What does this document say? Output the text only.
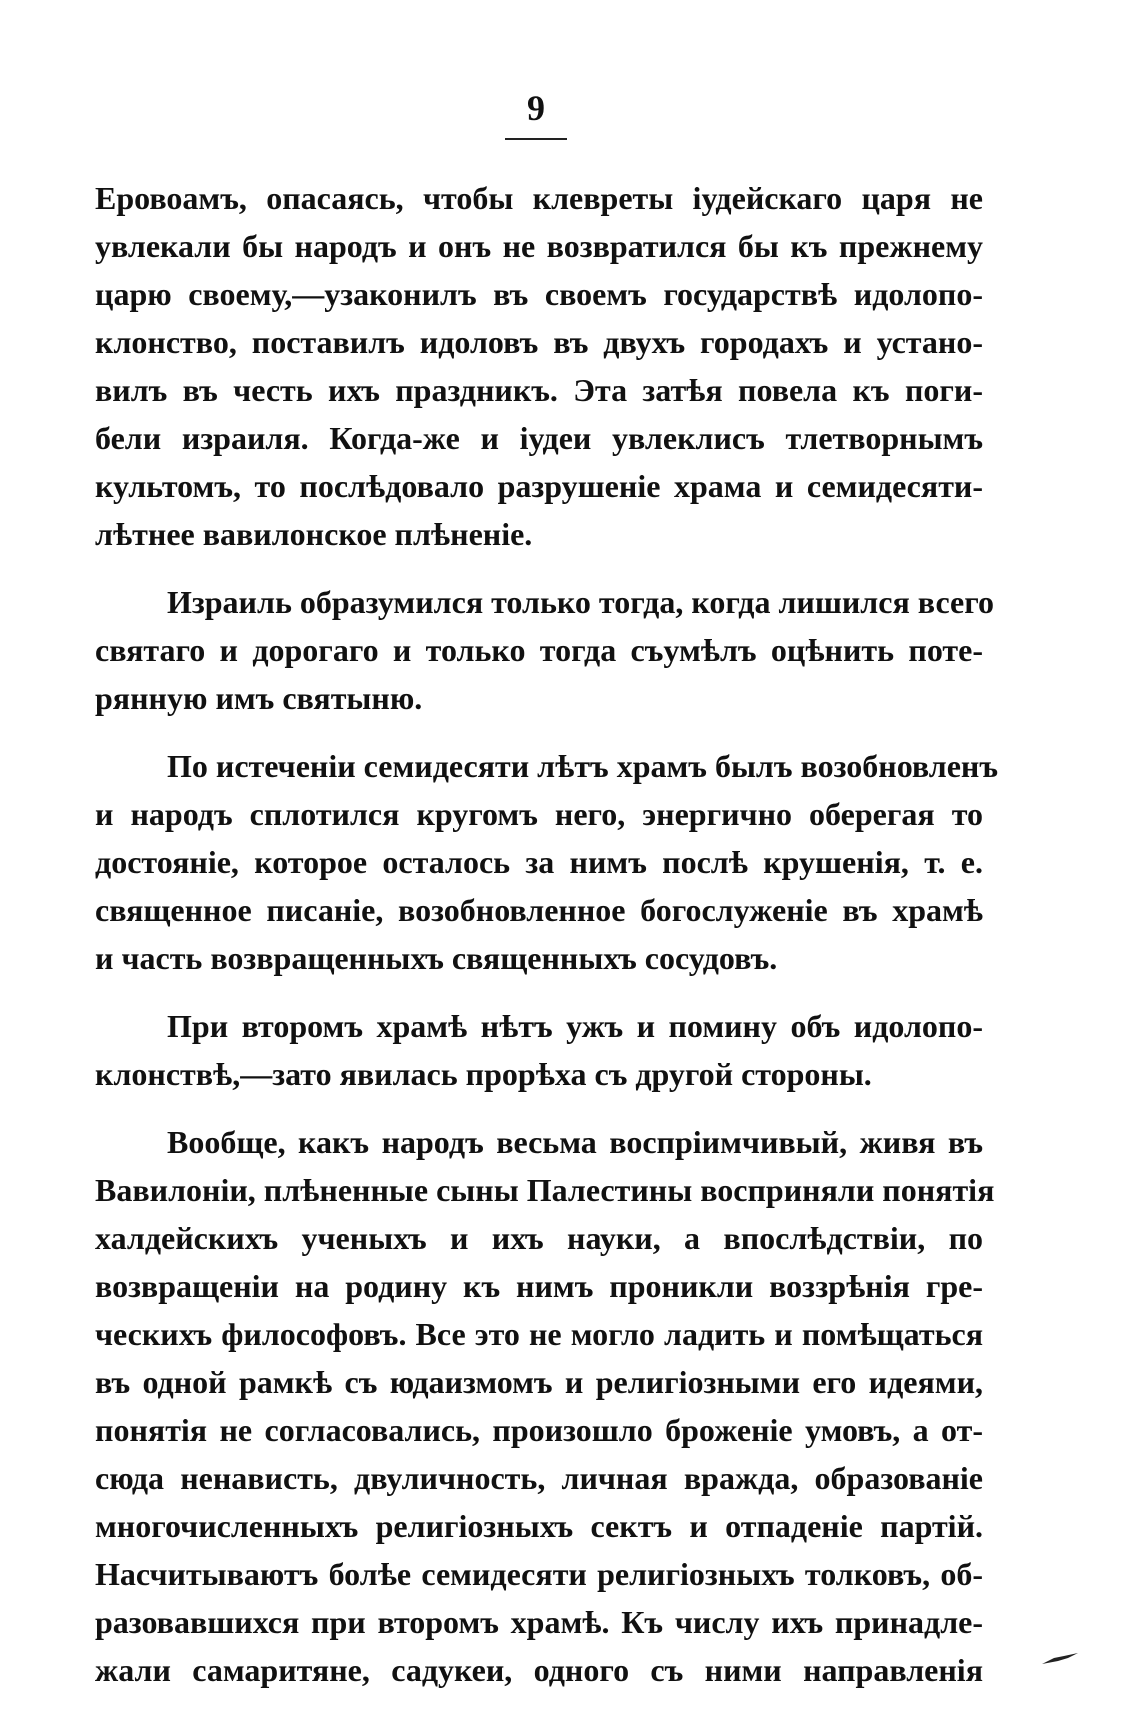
9
Еровоамъ, опасаясь, чтобы клевреты іудейскаго царя не
увлекали бы народъ и онъ не возвратился бы къ прежнему
царю своему,—узаконилъ въ своемъ государствѣ идолопо-
клонство, поставилъ идоловъ въ двухъ городахъ и устано-
вилъ въ честь ихъ праздникъ. Эта затѣя повела къ поги-
бели израиля. Когда-же и іудеи увлеклисъ тлетворнымъ
культомъ, то послѣдовало разрушеніе храма и семидесяти-
лѣтнее вавилонское плѣненіе.
Израиль образумился только тогда, когда лишился всего
святаго и дорогаго и только тогда съумѣлъ оцѣнить поте-
рянную имъ святыню.
По истеченіи семидесяти лѣтъ храмъ былъ возобновленъ
и народъ сплотился кругомъ него, энергично оберегая то
достояніе, которое осталось за нимъ послѣ крушенія, т. е.
священное писаніе, возобновленное богослуженіе въ храмѣ
и часть возвращенныхъ священныхъ сосудовъ.
При второмъ храмѣ нѣтъ ужъ и помину объ идолопо-
клонствѣ,—зато явилась прорѣха съ другой стороны.
Вообще, какъ народъ весьма воспріимчивый, живя въ
Вавилоніи, плѣненные сыны Палестины восприняли понятія
халдейскихъ ученыхъ и ихъ науки, а впослѣдствіи, по
возвращеніи на родину къ нимъ проникли воззрѣнія гре-
ческихъ философовъ. Все это не могло ладить и помѣщаться
въ одной рамкѣ съ юдаизмомъ и религіозными его идеями,
понятія не согласовались, произошло броженіе умовъ, а от-
сюда ненависть, двуличность, личная вражда, образованіе
многочисленныхъ религіозныхъ сектъ и отпаденіе партій.
Насчитываютъ болѣе семидесяти религіозныхъ толковъ, об-
разовавшихся при второмъ храмѣ. Къ числу ихъ принадле-
жали самаритяне, садукеи, одного съ ними направленія
